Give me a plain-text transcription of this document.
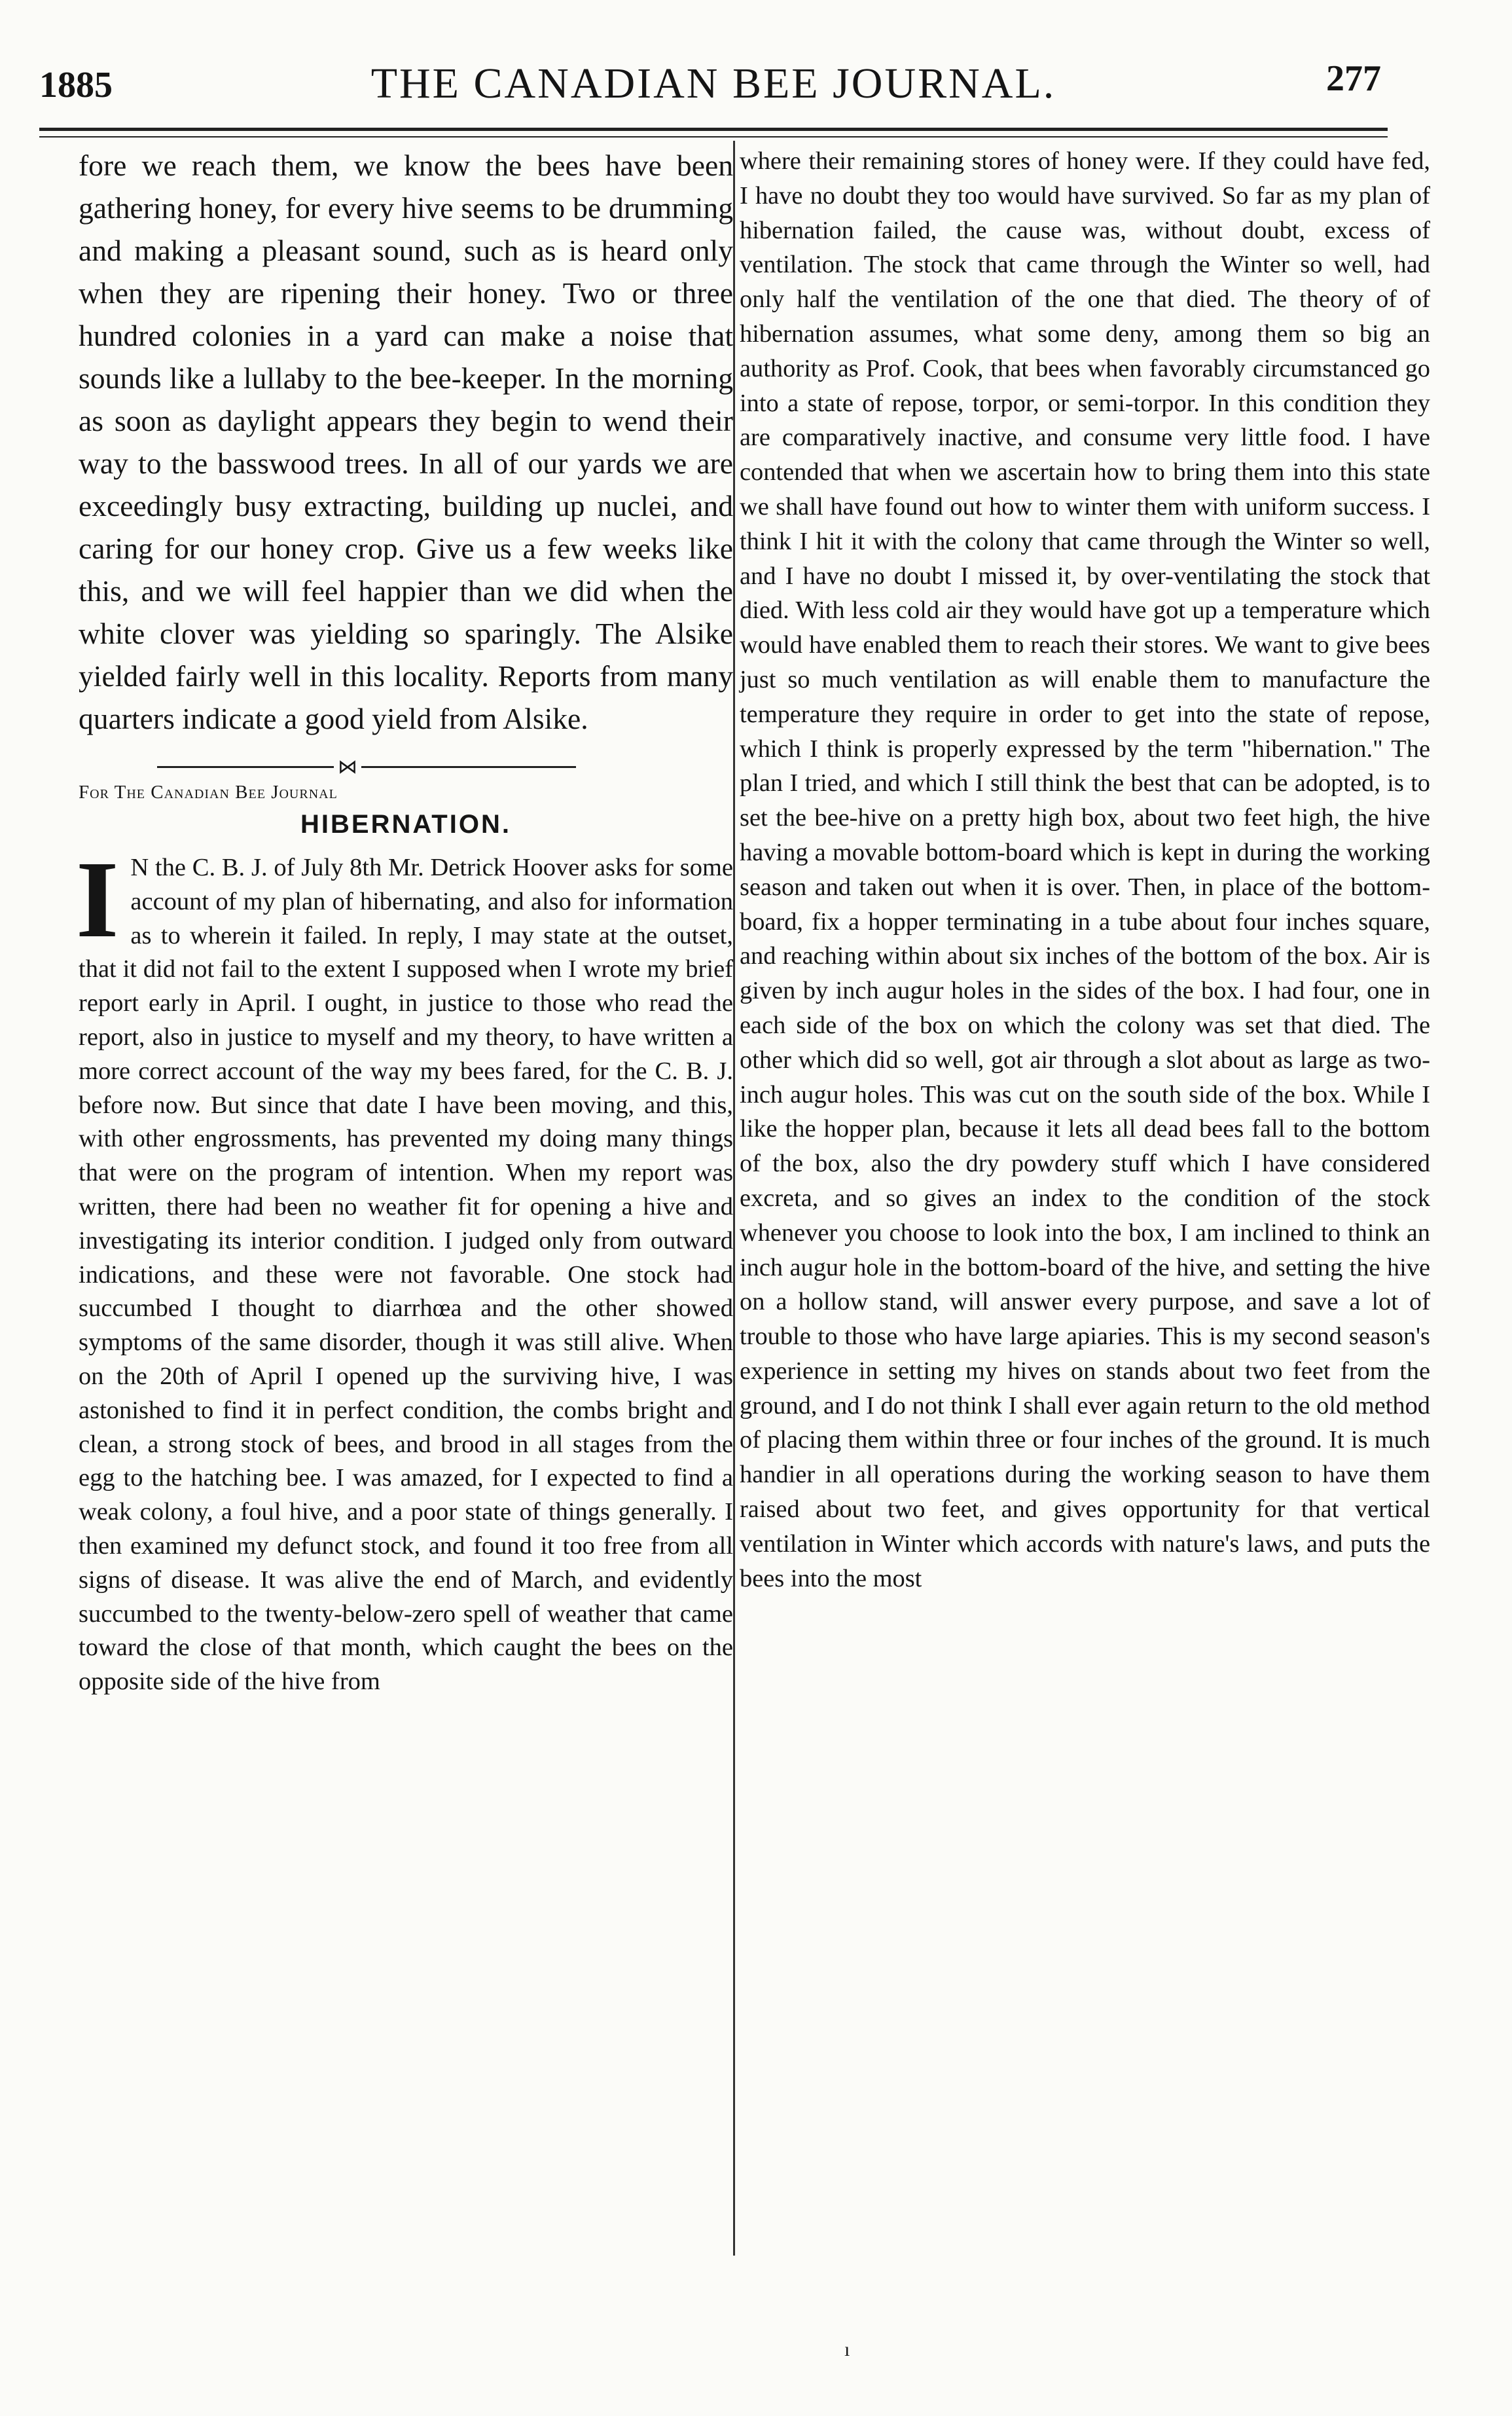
1885	THE CANADIAN BEE JOURNAL.	277

fore we reach them, we know the bees have been gathering honey, for every hive seems to be drumming and making a pleasant sound, such as is heard only when they are ripening their honey. Two or three hundred colonies in a yard can make a noise that sounds like a lullaby to the bee-keeper. In the morning as soon as daylight appears they begin to wend their way to the basswood trees. In all of our yards we are exceedingly busy extracting, building up nuclei, and caring for our honey crop. Give us a few weeks like this, and we will feel happier than we did when the white clover was yielding so sparingly. The Alsike yielded fairly well in this locality. Reports from many quarters indicate a good yield from Alsike.

⋈
For The Canadian Bee Journal
HIBERNATION.

I N the C. B. J. of July 8th Mr. Detrick Hoover asks for some account of my plan of hibernating, and also for information as to wherein it failed. In reply, I may state at the outset, that it did not fail to the extent I supposed when I wrote my brief report early in April. I ought, in justice to those who read the report, also in justice to myself and my theory, to have written a more correct account of the way my bees fared, for the C. B. J. before now. But since that date I have been moving, and this, with other engrossments, has prevented my doing many things that were on the program of intention. When my report was written, there had been no weather fit for opening a hive and investigating its interior condition. I judged only from outward indications, and these were not favorable. One stock had succumbed I thought to diarrhœa and the other showed symptoms of the same disorder, though it was still alive. When on the 20th of April I opened up the surviving hive, I was astonished to find it in perfect condition, the combs bright and clean, a strong stock of bees, and brood in all stages from the egg to the hatching bee. I was amazed, for I expected to find a weak colony, a foul hive, and a poor state of things generally. I then examined my defunct stock, and found it too free from all signs of disease. It was alive the end of March, and evidently succumbed to the twenty-below-zero spell of weather that came toward the close of that month, which caught the bees on the opposite side of the hive from

where their remaining stores of honey were. If they could have fed, I have no doubt they too would have survived. So far as my plan of hibernation failed, the cause was, without doubt, excess of ventilation. The stock that came through the Winter so well, had only half the ventilation of the one that died. The theory of of hibernation assumes, what some deny, among them so big an authority as Prof. Cook, that bees when favorably circumstanced go into a state of repose, torpor, or semi-torpor. In this condition they are comparatively inactive, and consume very little food. I have contended that when we ascertain how to bring them into this state we shall have found out how to winter them with uniform success. I think I hit it with the colony that came through the Winter so well, and I have no doubt I missed it, by over-ventilating the stock that died. With less cold air they would have got up a temperature which would have enabled them to reach their stores. We want to give bees just so much ventilation as will enable them to manufacture the temperature they require in order to get into the state of repose, which I think is properly expressed by the term "hibernation." The plan I tried, and which I still think the best that can be adopted, is to set the bee-hive on a pretty high box, about two feet high, the hive having a movable bottom-board which is kept in during the working season and taken out when it is over. Then, in place of the bottom-board, fix a hopper terminating in a tube about four inches square, and reaching within about six inches of the bottom of the box. Air is given by inch augur holes in the sides of the box. I had four, one in each side of the box on which the colony was set that died. The other which did so well, got air through a slot about as large as two-inch augur holes. This was cut on the south side of the box. While I like the hopper plan, because it lets all dead bees fall to the bottom of the box, also the dry powdery stuff which I have considered excreta, and so gives an index to the condition of the stock whenever you choose to look into the box, I am inclined to think an inch augur hole in the bottom-board of the hive, and setting the hive on a hollow stand, will answer every purpose, and save a lot of trouble to those who have large apiaries. This is my second season's experience in setting my hives on stands about two feet from the ground, and I do not think I shall ever again return to the old method of placing them within three or four inches of the ground. It is much handier in all operations during the working season to have them raised about two feet, and gives opportunity for that vertical ventilation in Winter which accords with nature's laws, and puts the bees into the most

ı
